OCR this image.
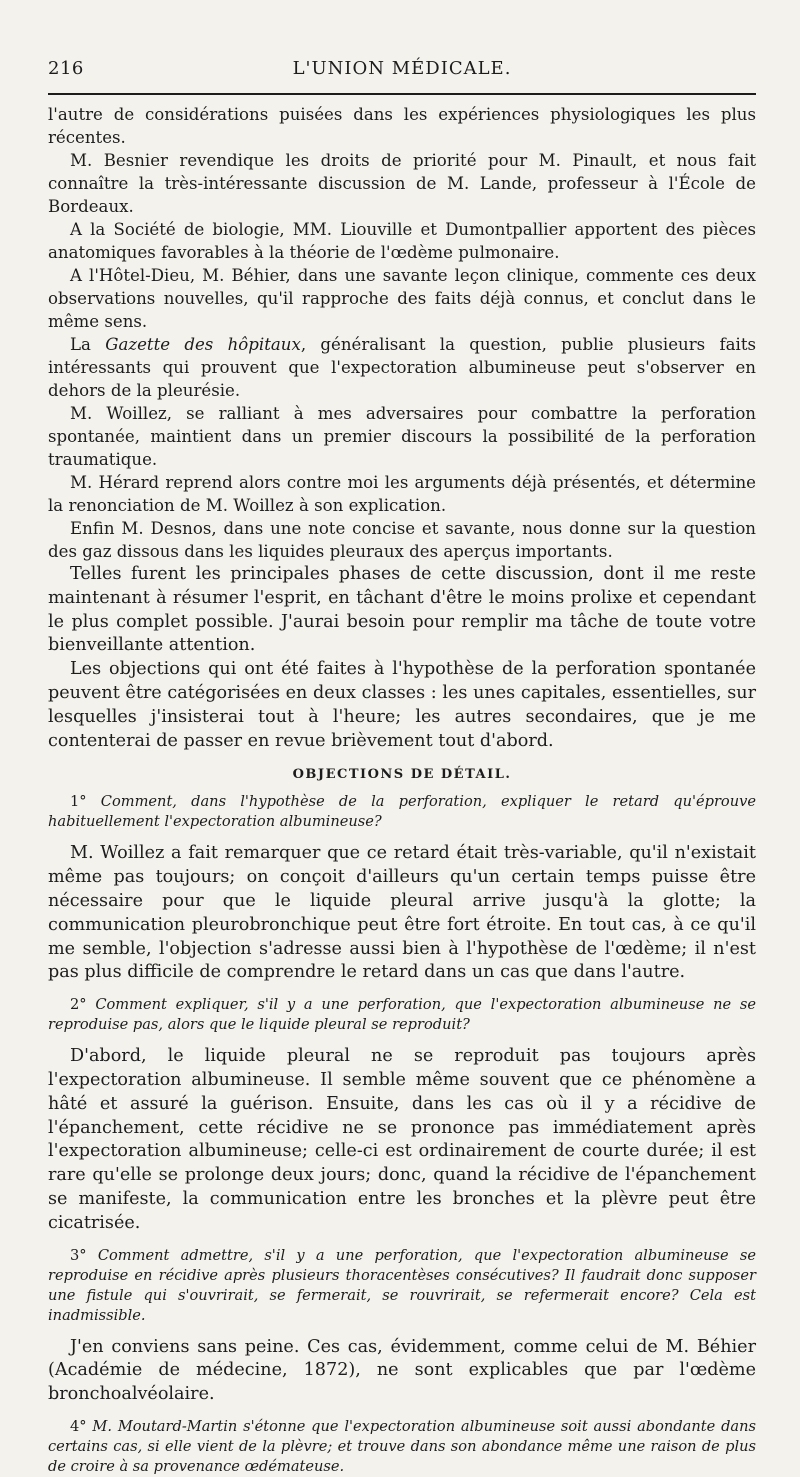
216	L'UNION MÉDICALE.

l'autre de considérations puisées dans les expériences physiologiques les plus récentes.

M. Besnier revendique les droits de priorité pour M. Pinault, et nous fait connaître la très-intéressante discussion de M. Lande, professeur à l'École de Bordeaux.

A la Société de biologie, MM. Liouville et Dumontpallier apportent des pièces anatomiques favorables à la théorie de l'œdème pulmonaire.

A l'Hôtel-Dieu, M. Béhier, dans une savante leçon clinique, commente ces deux observations nouvelles, qu'il rapproche des faits déjà connus, et conclut dans le même sens.

La Gazette des hôpitaux, généralisant la question, publie plusieurs faits intéressants qui prouvent que l'expectoration albumineuse peut s'observer en dehors de la pleurésie.

M. Woillez, se ralliant à mes adversaires pour combattre la perforation spontanée, maintient dans un premier discours la possibilité de la perforation traumatique.

M. Hérard reprend alors contre moi les arguments déjà présentés, et détermine la renonciation de M. Woillez à son explication.

Enfin M. Desnos, dans une note concise et savante, nous donne sur la question des gaz dissous dans les liquides pleuraux des aperçus importants.

Telles furent les principales phases de cette discussion, dont il me reste maintenant à résumer l'esprit, en tâchant d'être le moins prolixe et cependant le plus complet possible. J'aurai besoin pour remplir ma tâche de toute votre bienveillante attention.

Les objections qui ont été faites à l'hypothèse de la perforation spontanée peuvent être catégorisées en deux classes : les unes capitales, essentielles, sur lesquelles j'insisterai tout à l'heure; les autres secondaires, que je me contenterai de passer en revue brièvement tout d'abord.

OBJECTIONS DE DÉTAIL.
1° Comment, dans l'hypothèse de la perforation, expliquer le retard qu'éprouve habituellement l'expectoration albumineuse?

M. Woillez a fait remarquer que ce retard était très-variable, qu'il n'existait même pas toujours; on conçoit d'ailleurs qu'un certain temps puisse être nécessaire pour que le liquide pleural arrive jusqu'à la glotte; la communication pleurobronchique peut être fort étroite. En tout cas, à ce qu'il me semble, l'objection s'adresse aussi bien à l'hypothèse de l'œdème; il n'est pas plus difficile de comprendre le retard dans un cas que dans l'autre.

2° Comment expliquer, s'il y a une perforation, que l'expectoration albumineuse ne se reproduise pas, alors que le liquide pleural se reproduit?

D'abord, le liquide pleural ne se reproduit pas toujours après l'expectoration albumineuse. Il semble même souvent que ce phénomène a hâté et assuré la guérison. Ensuite, dans les cas où il y a récidive de l'épanchement, cette récidive ne se prononce pas immédiatement après l'expectoration albumineuse; celle-ci est ordinairement de courte durée; il est rare qu'elle se prolonge deux jours; donc, quand la récidive de l'épanchement se manifeste, la communication entre les bronches et la plèvre peut être cicatrisée.

3° Comment admettre, s'il y a une perforation, que l'expectoration albumineuse se reproduise en récidive après plusieurs thoracentèses consécutives? Il faudrait donc supposer une fistule qui s'ouvrirait, se fermerait, se rouvrirait, se refermerait encore? Cela est inadmissible.

J'en conviens sans peine. Ces cas, évidemment, comme celui de M. Béhier (Académie de médecine, 1872), ne sont explicables que par l'œdème bronchoalvéolaire.

4° M. Moutard-Martin s'étonne que l'expectoration albumineuse soit aussi abondante dans certains cas, si elle vient de la plèvre; et trouve dans son abondance même une raison de plus de croire à sa provenance œdémateuse.
